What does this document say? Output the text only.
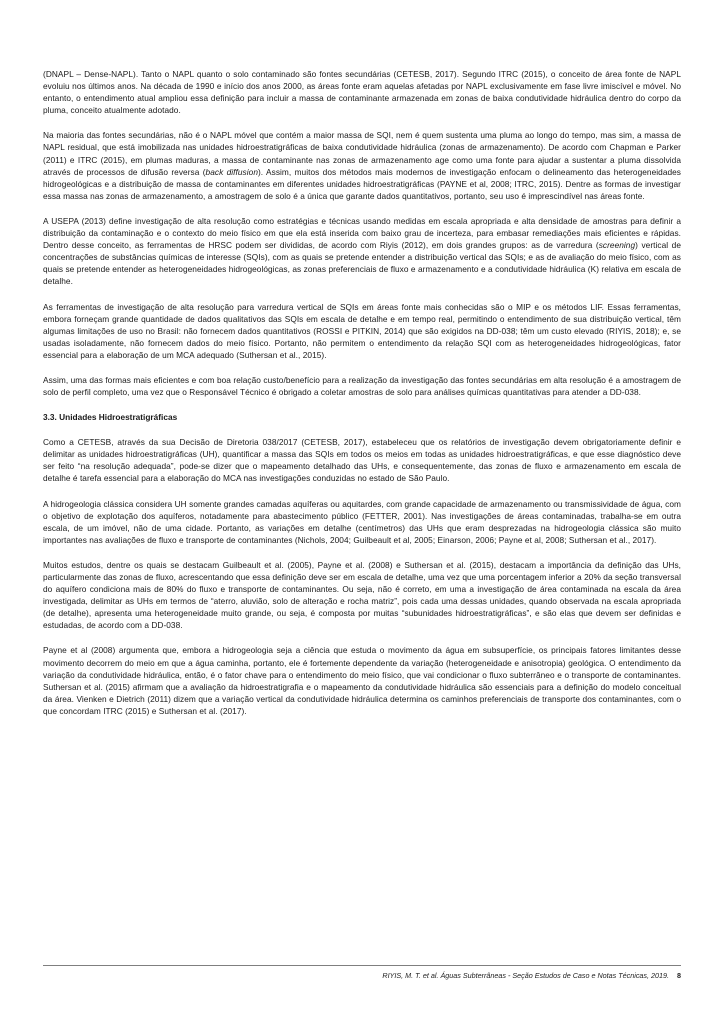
(DNAPL – Dense-NAPL). Tanto o NAPL quanto o solo contaminado são fontes secundárias (CETESB, 2017). Segundo ITRC (2015), o conceito de área fonte de NAPL evoluiu nos últimos anos. Na década de 1990 e início dos anos 2000, as áreas fonte eram aquelas afetadas por NAPL exclusivamente em fase livre imiscível e móvel. No entanto, o entendimento atual ampliou essa definição para incluir a massa de contaminante armazenada em zonas de baixa condutividade hidráulica dentro do corpo da pluma, conceito atualmente adotado.

Na maioria das fontes secundárias, não é o NAPL móvel que contém a maior massa de SQI, nem é quem sustenta uma pluma ao longo do tempo, mas sim, a massa de NAPL residual, que está imobilizada nas unidades hidroestratigráficas de baixa condutividade hidráulica (zonas de armazenamento). De acordo com Chapman e Parker (2011) e ITRC (2015), em plumas maduras, a massa de contaminante nas zonas de armazenamento age como uma fonte para ajudar a sustentar a pluma dissolvida através de processos de difusão reversa (back diffusion). Assim, muitos dos métodos mais modernos de investigação enfocam o delineamento das heterogeneidades hidrogeológicas e a distribuição de massa de contaminantes em diferentes unidades hidroestratigráficas (PAYNE et al, 2008; ITRC, 2015). Dentre as formas de investigar essa massa nas zonas de armazenamento, a amostragem de solo é a única que garante dados quantitativos, portanto, seu uso é imprescindível nas áreas fonte.

A USEPA (2013) define investigação de alta resolução como estratégias e técnicas usando medidas em escala apropriada e alta densidade de amostras para definir a distribuição da contaminação e o contexto do meio físico em que ela está inserida com baixo grau de incerteza, para embasar remediações mais eficientes e rápidas. Dentro desse conceito, as ferramentas de HRSC podem ser divididas, de acordo com Riyis (2012), em dois grandes grupos: as de varredura (screening) vertical de concentrações de substâncias químicas de interesse (SQIs), com as quais se pretende entender a distribuição vertical das SQIs; e as de avaliação do meio físico, com as quais se pretende entender as heterogeneidades hidrogeológicas, as zonas preferenciais de fluxo e armazenamento e a condutividade hidráulica (K) relativa em escala de detalhe.

As ferramentas de investigação de alta resolução para varredura vertical de SQIs em áreas fonte mais conhecidas são o MIP e os métodos LIF. Essas ferramentas, embora forneçam grande quantidade de dados qualitativos das SQIs em escala de detalhe e em tempo real, permitindo o entendimento de sua distribuição vertical, têm algumas limitações de uso no Brasil: não fornecem dados quantitativos (ROSSI e PITKIN, 2014) que são exigidos na DD-038; têm um custo elevado (RIYIS, 2018); e, se usadas isoladamente, não fornecem dados do meio físico. Portanto, não permitem o entendimento da relação SQI com as heterogeneidades hidrogeológicas, fator essencial para a elaboração de um MCA adequado (Suthersan et al., 2015).

Assim, uma das formas mais eficientes e com boa relação custo/benefício para a realização da investigação das fontes secundárias em alta resolução é a amostragem de solo de perfil completo, uma vez que o Responsável Técnico é obrigado a coletar amostras de solo para análises químicas quantitativas para atender a DD-038.

3.3. Unidades Hidroestratigráficas

Como a CETESB, através da sua Decisão de Diretoria 038/2017 (CETESB, 2017), estabeleceu que os relatórios de investigação devem obrigatoriamente definir e delimitar as unidades hidroestratigráficas (UH), quantificar a massa das SQIs em todos os meios em todas as unidades hidroestratigráficas, e que esse diagnóstico deve ser feito “na resolução adequada”, pode-se dizer que o mapeamento detalhado das UHs, e consequentemente, das zonas de fluxo e armazenamento em escala de detalhe é tarefa essencial para a elaboração do MCA nas investigações conduzidas no estado de São Paulo.

A hidrogeologia clássica considera UH somente grandes camadas aquíferas ou aquitardes, com grande capacidade de armazenamento ou transmissividade de água, com o objetivo de explotação dos aquíferos, notadamente para abastecimento público (FETTER, 2001). Nas investigações de áreas contaminadas, trabalha-se em outra escala, de um imóvel, não de uma cidade. Portanto, as variações em detalhe (centímetros) das UHs que eram desprezadas na hidrogeologia clássica são muito importantes nas avaliações de fluxo e transporte de contaminantes (Nichols, 2004; Guilbeault et al, 2005; Einarson, 2006; Payne et al, 2008; Suthersan et al., 2017).

Muitos estudos, dentre os quais se destacam Guilbeault et al. (2005), Payne et al. (2008) e Suthersan et al. (2015), destacam a importância da definição das UHs, particularmente das zonas de fluxo, acrescentando que essa definição deve ser em escala de detalhe, uma vez que uma porcentagem inferior a 20% da seção transversal do aquífero condiciona mais de 80% do fluxo e transporte de contaminantes. Ou seja, não é correto, em uma a investigação de área contaminada na escala da área investigada, delimitar as UHs em termos de “aterro, aluvião, solo de alteração e rocha matriz”, pois cada uma dessas unidades, quando observada na escala apropriada (de detalhe), apresenta uma heterogeneidade muito grande, ou seja, é composta por muitas “subunidades hidroestratigráficas”, e são elas que devem ser definidas e estudadas, de acordo com a DD-038.

Payne et al (2008) argumenta que, embora a hidrogeologia seja a ciência que estuda o movimento da água em subsuperfície, os principais fatores limitantes desse movimento decorrem do meio em que a água caminha, portanto, ele é fortemente dependente da variação (heterogeneidade e anisotropia) geológica. O entendimento da variação da condutividade hidráulica, então, é o fator chave para o entendimento do meio físico, que vai condicionar o fluxo subterrâneo e o transporte de contaminantes. Suthersan et al. (2015) afirmam que a avaliação da hidroestratigrafia e o mapeamento da condutividade hidráulica são essenciais para a definição do modelo conceitual da área. Vienken e Dietrich (2011) dizem que a variação vertical da condutividade hidráulica determina os caminhos preferenciais de transporte dos contaminantes, com o que concordam ITRC (2015) e Suthersan et al. (2017).

RIYIS, M. T. et al. Águas Subterrâneas - Seção Estudos de Caso e Notas Técnicas, 2019. 8
